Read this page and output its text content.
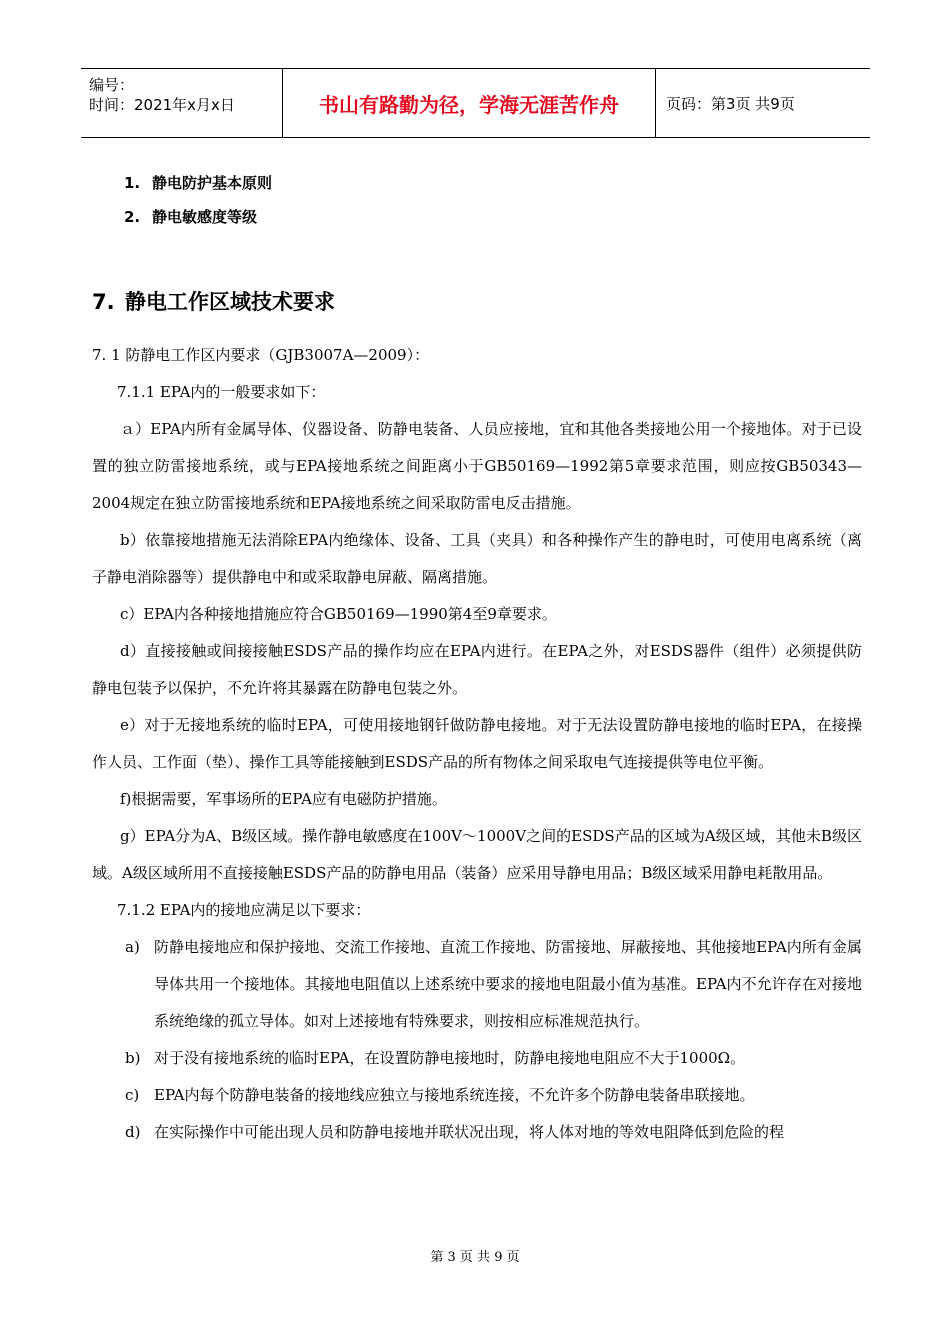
编号：
时间：2021年x月x日	书山有路勤为径，学海无涯苦作舟	页码：第3页 共9页
1. 静电防护基本原则
2. 静电敏感度等级
7. 静电工作区域技术要求

7. 1 防静电工作区内要求（GJB3007A—2009）：

7.1.1 EPA内的一般要求如下：

ａ）EPA内所有金属导体、仪器设备、防静电装备、人员应接地，宜和其他各类接地公用一个接地体。对于已设置的独立防雷接地系统，或与EPA接地系统之间距离小于GB50169—1992第5章要求范围，则应按GB50343—2004规定在独立防雷接地系统和EPA接地系统之间采取防雷电反击措施。

b）依靠接地措施无法消除EPA内绝缘体、设备、工具（夹具）和各种操作产生的静电时，可使用电离系统（离子静电消除器等）提供静电中和或采取静电屏蔽、隔离措施。

c）EPA内各种接地措施应符合GB50169—1990第4至9章要求。

d）直接接触或间接接触ESDS产品的操作均应在EPA内进行。在EPA之外，对ESDS器件（组件）必须提供防静电包装予以保护，不允许将其暴露在防静电包装之外。

e）对于无接地系统的临时EPA，可使用接地钢钎做防静电接地。对于无法设置防静电接地的临时EPA，在接操作人员、工作面（垫）、操作工具等能接触到ESDS产品的所有物体之间采取电气连接提供等电位平衡。

f)根据需要，军事场所的EPA应有电磁防护措施。

g）EPA分为A、B级区域。操作静电敏感度在100V～1000V之间的ESDS产品的区域为A级区域，其他未B级区域。A级区域所用不直接接触ESDS产品的防静电用品（装备）应采用导静电用品；B级区域采用静电耗散用品。

7.1.2 EPA内的接地应满足以下要求：

a) 防静电接地应和保护接地、交流工作接地、直流工作接地、防雷接地、屏蔽接地、其他接地EPA内所有金属导体共用一个接地体。其接地电阻值以上述系统中要求的接地电阻最小值为基准。EPA内不允许存在对接地系统绝缘的孤立导体。如对上述接地有特殊要求，则按相应标准规范执行。
b) 对于没有接地系统的临时EPA，在设置防静电接地时，防静电接地电阻应不大于1000Ω。
c) EPA内每个防静电装备的接地线应独立与接地系统连接，不允许多个防静电装备串联接地。
d) 在实际操作中可能出现人员和防静电接地并联状况出现，将人体对地的等效电阻降低到危险的程
第 3 页 共 9 页
